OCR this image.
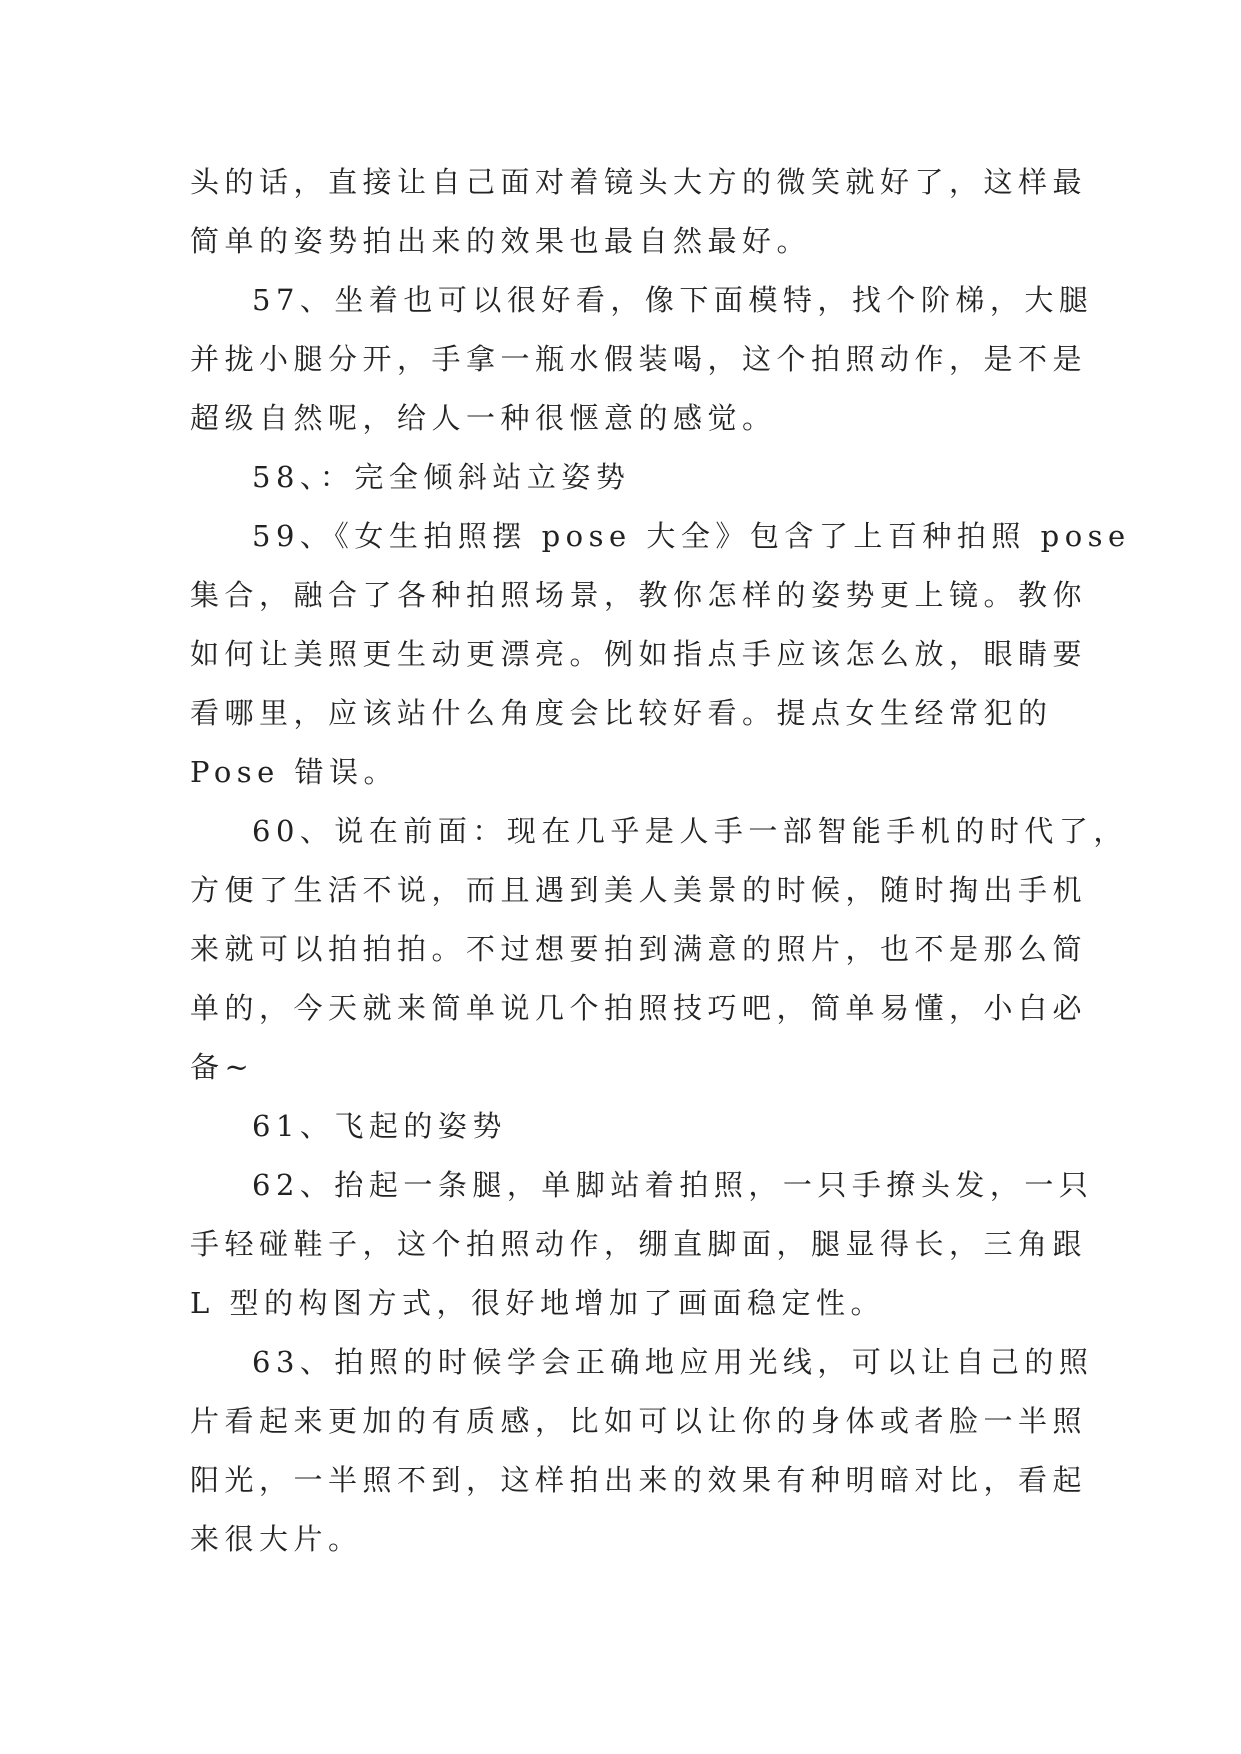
头的话，直接让自己面对着镜头大方的微笑就好了，这样最

简单的姿势拍出来的效果也最自然最好。

57、坐着也可以很好看，像下面模特，找个阶梯，大腿

并拢小腿分开，手拿一瓶水假装喝，这个拍照动作，是不是

超级自然呢，给人一种很惬意的感觉。

58、：完全倾斜站立姿势

59、《女生拍照摆 pose 大全》包含了上百种拍照 pose

集合，融合了各种拍照场景，教你怎样的姿势更上镜。教你

如何让美照更生动更漂亮。例如指点手应该怎么放，眼睛要

看哪里，应该站什么角度会比较好看。提点女生经常犯的

Pose 错误。

60、说在前面：现在几乎是人手一部智能手机的时代了，

方便了生活不说，而且遇到美人美景的时候，随时掏出手机

来就可以拍拍拍。不过想要拍到满意的照片，也不是那么简

单的，今天就来简单说几个拍照技巧吧，简单易懂，小白必

备~

61、飞起的姿势

62、抬起一条腿，单脚站着拍照，一只手撩头发，一只

手轻碰鞋子，这个拍照动作，绷直脚面，腿显得长，三角跟

L 型的构图方式，很好地增加了画面稳定性。

63、拍照的时候学会正确地应用光线，可以让自己的照

片看起来更加的有质感，比如可以让你的身体或者脸一半照

阳光，一半照不到，这样拍出来的效果有种明暗对比，看起

来很大片。
